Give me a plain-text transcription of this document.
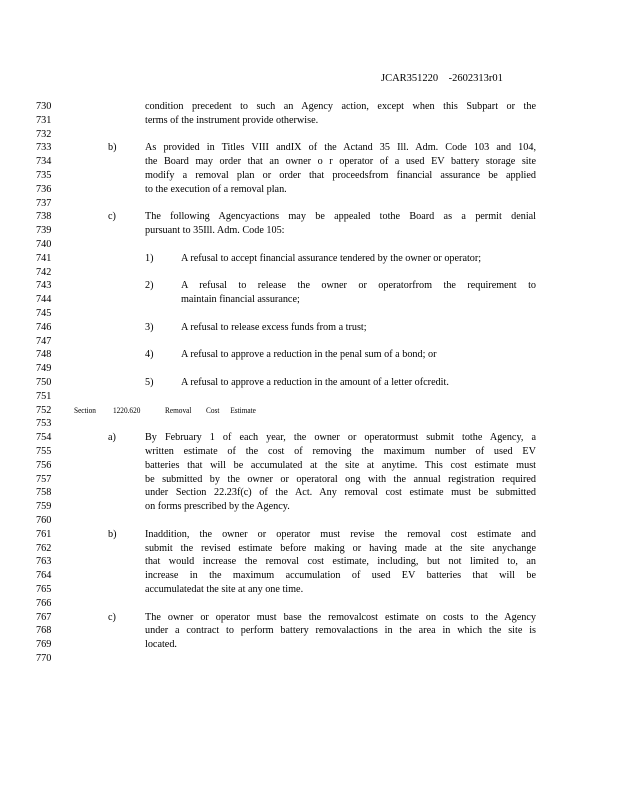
JCAR351220    -2602313r01
730	condition precedent to such an Agency action, except when this Subpart or the
731	terms of the instrument provide otherwise.
732
733	b)	As provided in Titles VIII andIX of the Actand 35 Ill. Adm. Code 103 and 104,
734	the Board may order that an owner o r operator of a used EV battery storage site
735	modify a removal plan or order that proceedsfrom financial assurance be applied
736	to the execution of a removal plan.
737
738	c)	The following Agencyactions may be appealed tothe Board as a permit denial
739	pursuant to 35Ill. Adm. Code 105:
740
741	1)	A refusal to accept financial assurance tendered by the owner or operator;
742
743	2)	A refusal to release the owner or operatorfrom the requirement to
744	maintain financial assurance;
745
746	3)	A refusal to release excess funds from a trust;
747
748	4)	A refusal to approve a reduction in the penal sum of a bond; or
749
750	5)	A refusal to approve a reduction in the amount of a letter ofcredit.
751
752	Section 1220.620	Removal        Cost      Estimate
753
754	a)	By February 1 of each year, the owner or operatormust submit tothe Agency, a
755	written estimate of the cost of removing the maximum number of used EV
756	batteries that will be accumulated at the site at anytime. This cost estimate must
757	be submitted by the owner or operatoral ong with the annual registration required
758	under Section 22.23f(c) of the Act. Any removal cost estimate must be submitted
759	on forms prescribed by the Agency.
760
761	b)	Inaddition, the owner or operator must revise the removal cost estimate and
762	submit the revised estimate before making or having made at the site anychange
763	that would increase the removal cost estimate, including, but not limited to, an
764	increase in the maximum accumulation of used EV batteries that will be
765	accumulatedat the site at any one time.
766
767	c)	The owner or operator must base the removalcost estimate on costs to the Agency
768	under a contract to perform battery removalactions in the area in which the site is
769	located.
770
